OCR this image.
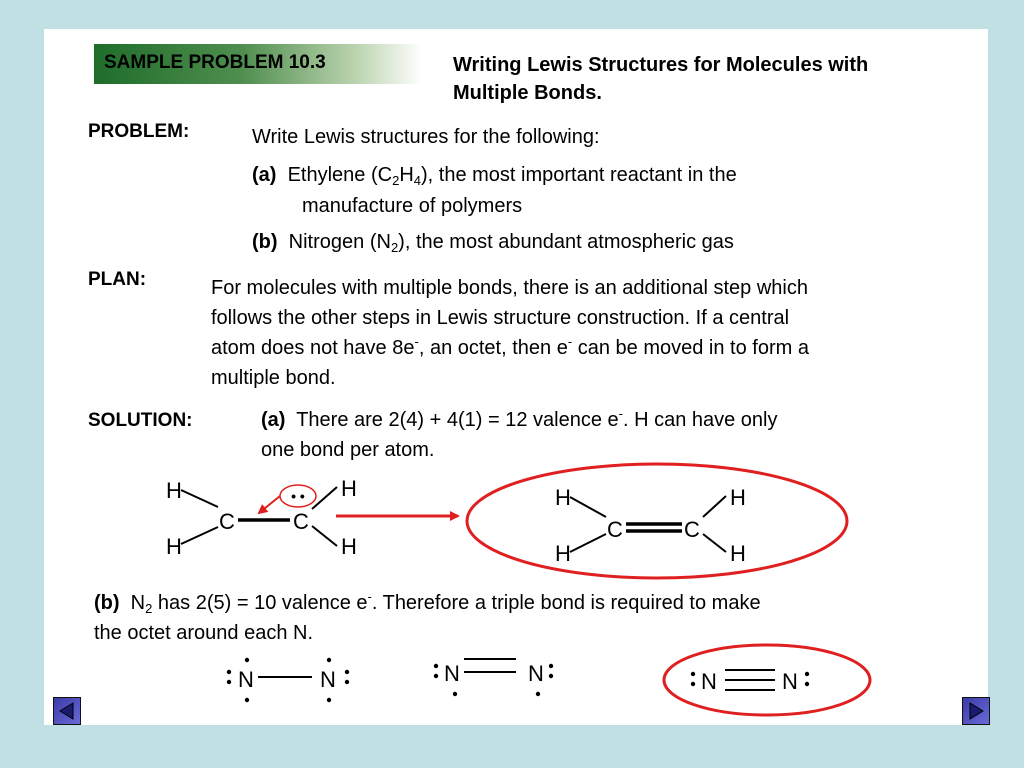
SAMPLE PROBLEM 10.3	Writing Lewis Structures for Molecules with
Multiple Bonds.
PROBLEM:	Write Lewis structures for the following:
(a) Ethylene $(C_2H_4)$, the most important reactant in the
manufacture of polymers
(b) Nitrogen $(N_2)$, the most abundant atmospheric gas
PLAN:	For molecules with multiple bonds, there is an additional step which
follows the other steps in Lewis structure construction. If a central
atom does not have 8e-, an octet, then e- can be moved in to form a
multiple bond.
SOLUTION:	(a) There are 2(4) + 4(1) = 12 valence e-. H can have only
one bond per atom.
H
H
C	C
H
H
• •	H
H
C	C
H
H
(b) $N_2$ has 2(5) = 10 valence e-. Therefore a triple bond is required to make
the octet around each N.
N	N	N	N	N	N
